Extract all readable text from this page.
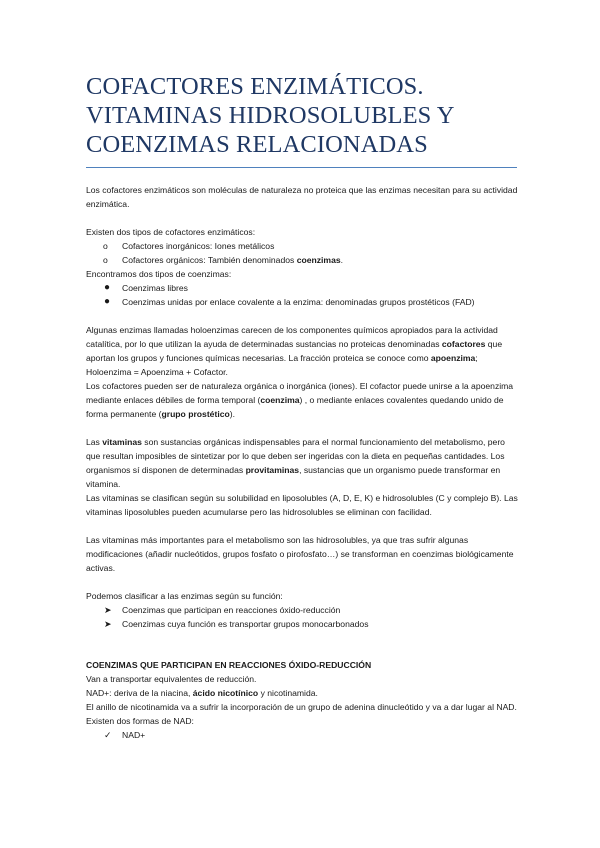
COFACTORES ENZIMÁTICOS. VITAMINAS HIDROSOLUBLES Y COENZIMAS RELACIONADAS

Los cofactores enzimáticos son moléculas de naturaleza no proteica que las enzimas necesitan para su actividad enzimática.

Existen dos tipos de cofactores enzimáticos:

o	Cofactores inorgánicos: Iones metálicos
o	Cofactores orgánicos: También denominados coenzimas.

Encontramos dos tipos de coenzimas:

●	Coenzimas libres
●	Coenzimas unidas por enlace covalente a la enzima: denominadas grupos prostéticos (FAD)

Algunas enzimas llamadas holoenzimas carecen de los componentes químicos apropiados para la actividad catalítica, por lo que utilizan la ayuda de determinadas sustancias no proteicas denominadas cofactores que aportan los grupos y funciones químicas necesarias. La fracción proteica se conoce como apoenzima; Holoenzima = Apoenzima + Cofactor.

Los cofactores pueden ser de naturaleza orgánica o inorgánica (iones). El cofactor puede unirse a la apoenzima mediante enlaces débiles de forma temporal (coenzima) , o mediante enlaces covalentes quedando unido de forma permanente (grupo prostético).

Las vitaminas son sustancias orgánicas indispensables para el normal funcionamiento del metabolismo, pero que resultan imposibles de sintetizar por lo que deben ser ingeridas con la dieta en pequeñas cantidades. Los organismos sí disponen de determinadas provitaminas, sustancias que un organismo puede transformar en vitamina.

Las vitaminas se clasifican según su solubilidad en liposolubles (A, D, E, K) e hidrosolubles (C y complejo B). Las vitaminas liposolubles pueden acumularse pero las hidrosolubles se eliminan con facilidad.

Las vitaminas más importantes para el metabolismo son las hidrosolubles, ya que tras sufrir algunas modificaciones (añadir nucleótidos, grupos fosfato o pirofosfato…) se transforman en coenzimas biológicamente activas.

Podemos clasificar a las enzimas según su función:

➤	Coenzimas que participan en reacciones óxido-reducción
➤	Coenzimas cuya función es transportar grupos monocarbonados

COENZIMAS QUE PARTICIPAN EN REACCIONES ÓXIDO-REDUCCIÓN

Van a transportar equivalentes de reducción.

NAD+: deriva de la niacina, ácido nicotínico y nicotinamida.

El anillo de nicotinamida va a sufrir la incorporación de un grupo de adenina dinucleótido y va a dar lugar al NAD.

Existen dos formas de NAD:

✓	NAD+
